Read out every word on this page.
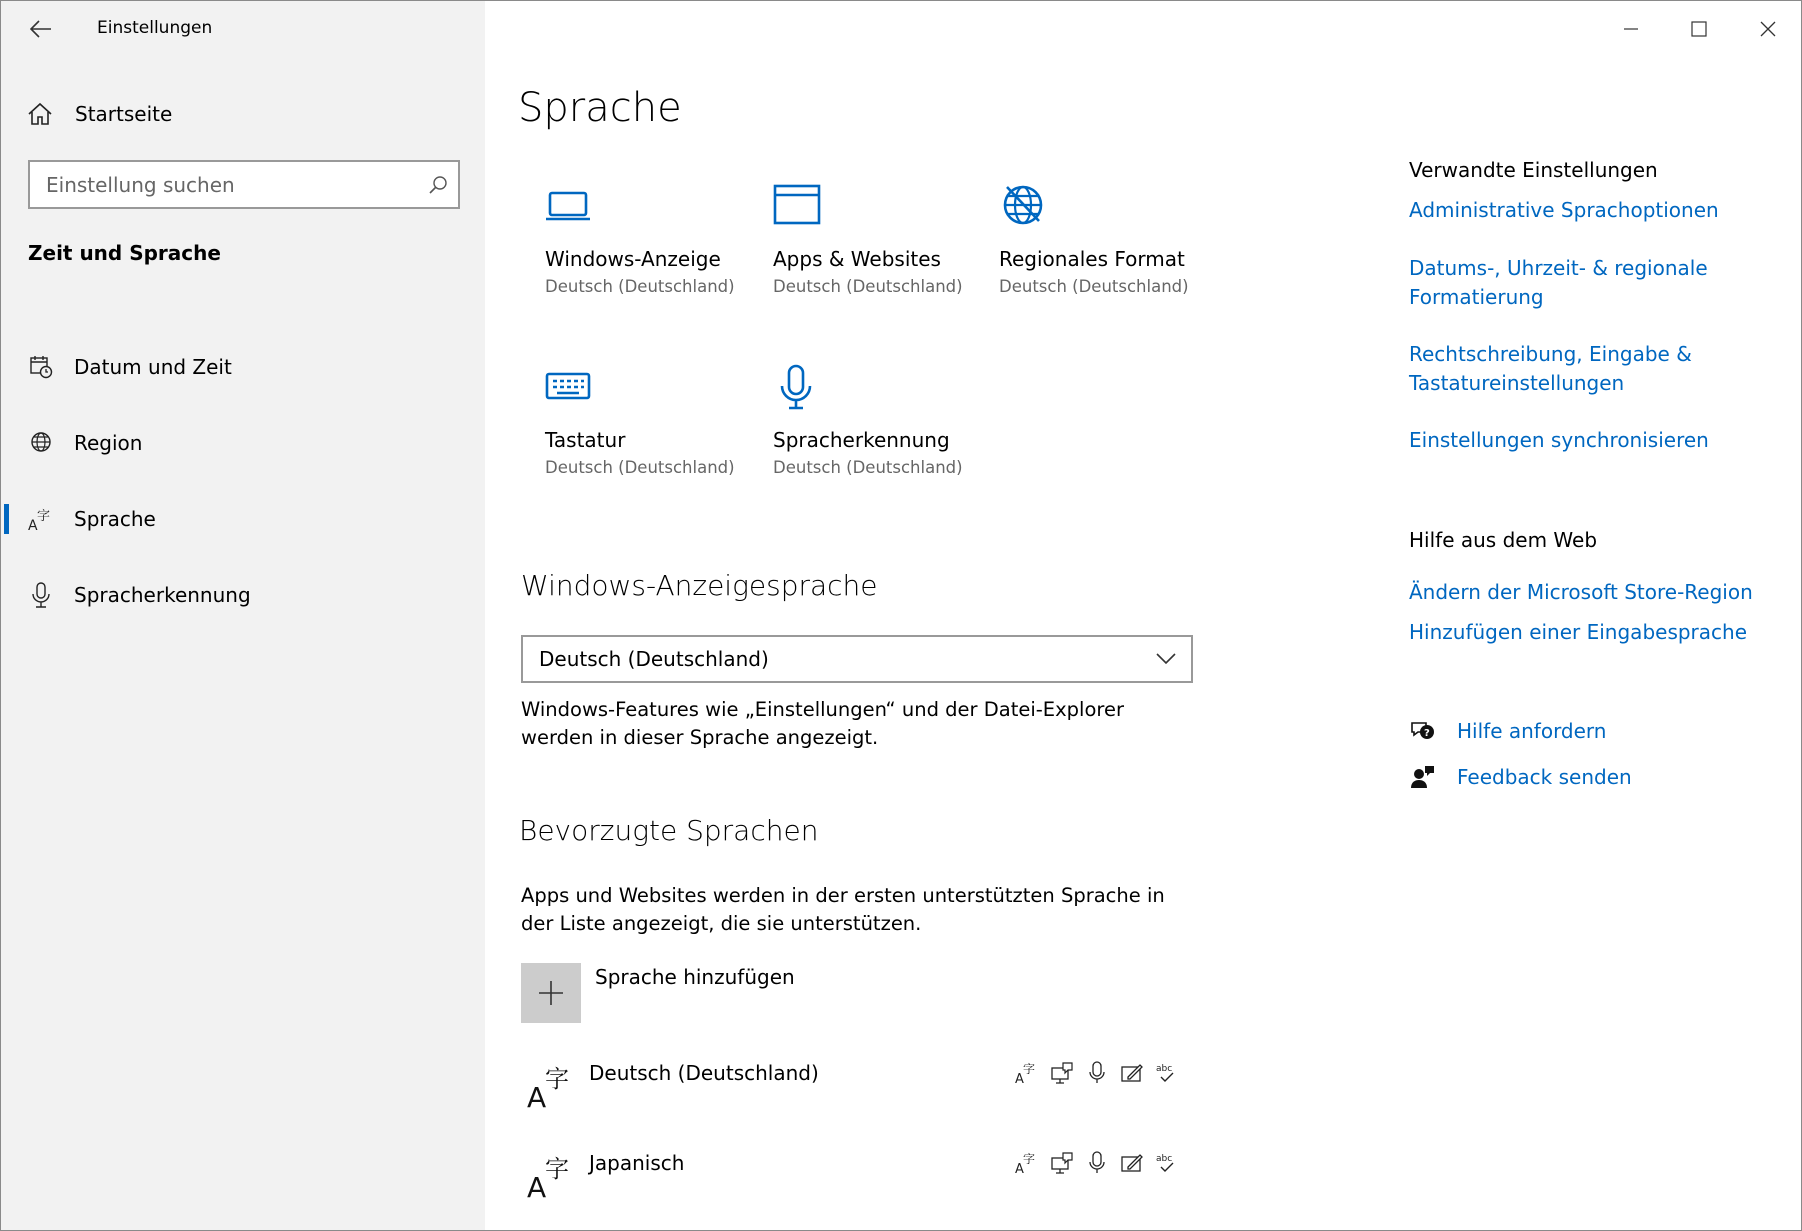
Einstellungen
Startseite
Einstellung suchen
Zeit und Sprache
Datum und Zeit
Region
A
字 Sprache
Spracherkennung
Sprache
Windows-Anzeige
Deutsch (Deutschland)
Apps & Websites
Deutsch (Deutschland)
Regionales Format
Deutsch (Deutschland)
Tastatur
Deutsch (Deutschland)
Spracherkennung
Deutsch (Deutschland)
Windows-Anzeigesprache
Deutsch (Deutschland)
Windows-Features wie „Einstellungen“ und der Datei-Explorer werden in dieser Sprache angezeigt.
Bevorzugte Sprachen
Apps und Websites werden in der ersten unterstützten Sprache in der Liste angezeigt, die sie unterstützen.
Sprache hinzufügen
A
字 Deutsch (Deutschland)	A
字	abc
A
字 Japanisch	A
字	abc
Verwandte Einstellungen
Administrative Sprachoptionen
Datums-, Uhrzeit- & regionale Formatierung
Rechtschreibung, Eingabe & Tastatureinstellungen
Einstellungen synchronisieren
Hilfe aus dem Web
Ändern der Microsoft Store-Region
Hinzufügen einer Eingabesprache
? Hilfe anfordern
Feedback senden
